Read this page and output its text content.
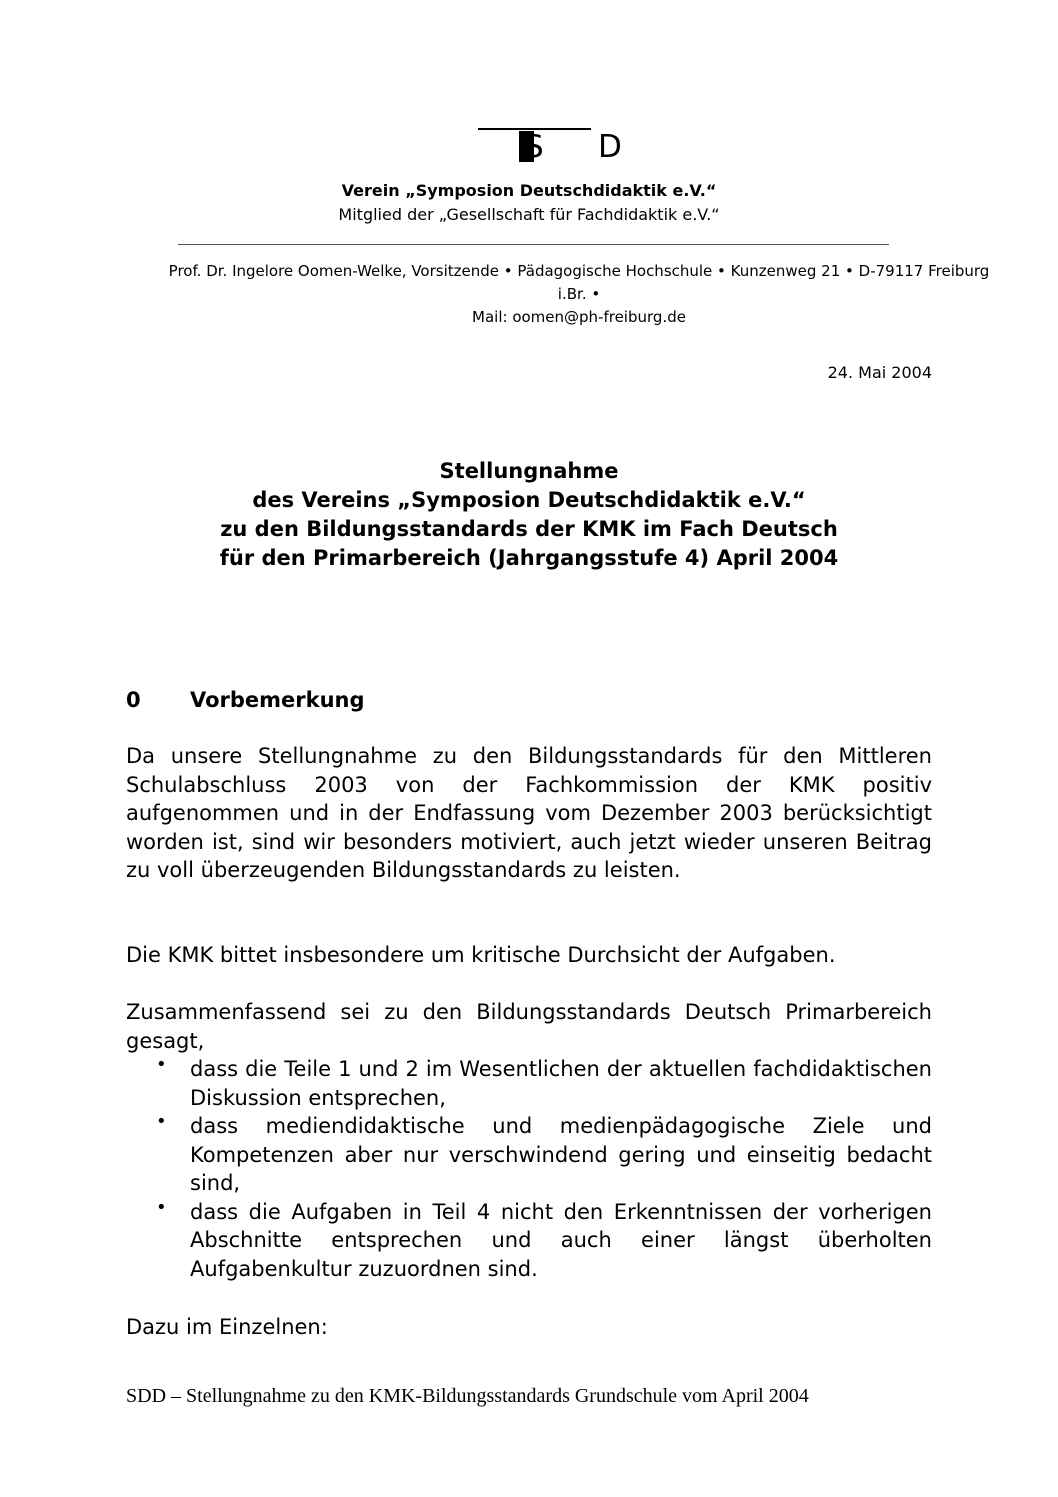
S D
Verein „Symposion Deutschdidaktik e.V.“
Mitglied der „Gesellschaft für Fachdidaktik e.V.“
Prof. Dr. Ingelore Oomen-Welke, Vorsitzende • Pädagogische Hochschule • Kunzenweg 21 • D-79117 Freiburg
i.Br. •
Mail: oomen@ph-freiburg.de
24. Mai 2004
Stellungnahme
des Vereins „Symposion Deutschdidaktik e.V.“
zu den Bildungsstandards der KMK im Fach Deutsch
für den Primarbereich (Jahrgangsstufe 4) April 2004
0 Vorbemerkung

Da unsere Stellungnahme zu den Bildungsstandards für den Mittleren Schulabschluss 2003 von der Fachkommission der KMK positiv aufgenommen und in der Endfassung vom Dezember 2003 berücksichtigt worden ist, sind wir besonders motiviert, auch jetzt wieder unseren Beitrag zu voll überzeugenden Bildungsstandards zu leisten.

Die KMK bittet insbesondere um kritische Durchsicht der Aufgaben.

Zusammenfassend sei zu den Bildungsstandards Deutsch Primarbereich gesagt,

• dass die Teile 1 und 2 im Wesentlichen der aktuellen fachdidaktischen Diskussion entsprechen,
• dass mediendidaktische und medienpädagogische Ziele und Kompetenzen aber nur verschwindend gering und einseitig bedacht sind,
• dass die Aufgaben in Teil 4 nicht den Erkenntnissen der vorherigen Abschnitte entsprechen und auch einer längst überholten Aufgabenkultur zuzuordnen sind.

Dazu im Einzelnen:

SDD – Stellungnahme zu den KMK-Bildungsstandards Grundschule vom April 2004
